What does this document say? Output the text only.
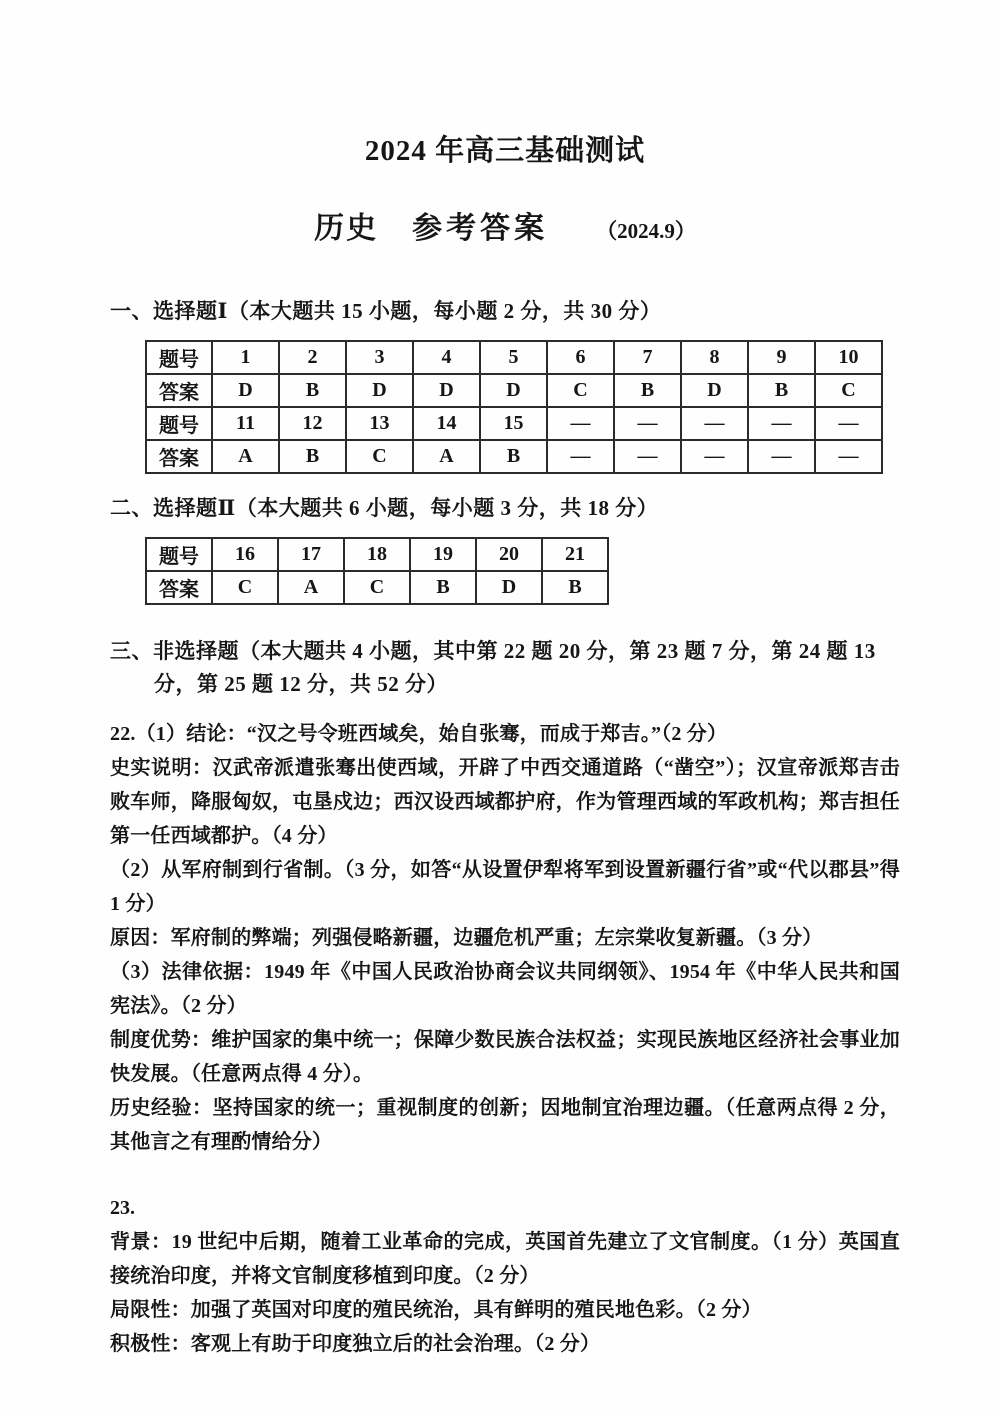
2024 年高三基础测试
历史 参考答案 （2024.9）
一、选择题Ⅰ（本大题共 15 小题，每小题 2 分，共 30 分）
题号	1	2	3	4	5	6	7	8	9	10
答案	D	B	D	D	D	C	B	D	B	C
题号	11	12	13	14	15	—	—	—	—	—
答案	A	B	C	A	B	—	—	—	—	—
二、选择题Ⅱ（本大题共 6 小题，每小题 3 分，共 18 分）
题号	16	17	18	19	20	21
答案	C	A	C	B	D	B
三、非选择题（本大题共 4 小题，其中第 22 题 20 分，第 23 题 7 分，第 24 题 13
分，第 25 题 12 分，共 52 分）

22.（1）结论：“汉之号令班西域矣，始自张骞，而成于郑吉。”（2 分）

史实说明：汉武帝派遣张骞出使西域，开辟了中西交通道路（“凿空”）；汉宣帝派郑吉击败车师，降服匈奴，屯垦戍边；西汉设西域都护府，作为管理西域的军政机构；郑吉担任第一任西域都护。（4 分）

（2）从军府制到行省制。（3 分，如答“从设置伊犁将军到设置新疆行省”或“代以郡县”得 1 分）

原因：军府制的弊端；列强侵略新疆，边疆危机严重；左宗棠收复新疆。（3 分）

（3）法律依据：1949 年《中国人民政治协商会议共同纲领》、1954 年《中华人民共和国宪法》。（2 分）

制度优势：维护国家的集中统一；保障少数民族合法权益；实现民族地区经济社会事业加快发展。（任意两点得 4 分）。

历史经验：坚持国家的统一；重视制度的创新；因地制宜治理边疆。（任意两点得 2 分，其他言之有理酌情给分）

23.

背景：19 世纪中后期，随着工业革命的完成，英国首先建立了文官制度。（1 分）英国直接统治印度，并将文官制度移植到印度。（2 分）

局限性：加强了英国对印度的殖民统治，具有鲜明的殖民地色彩。（2 分）

积极性：客观上有助于印度独立后的社会治理。（2 分）
